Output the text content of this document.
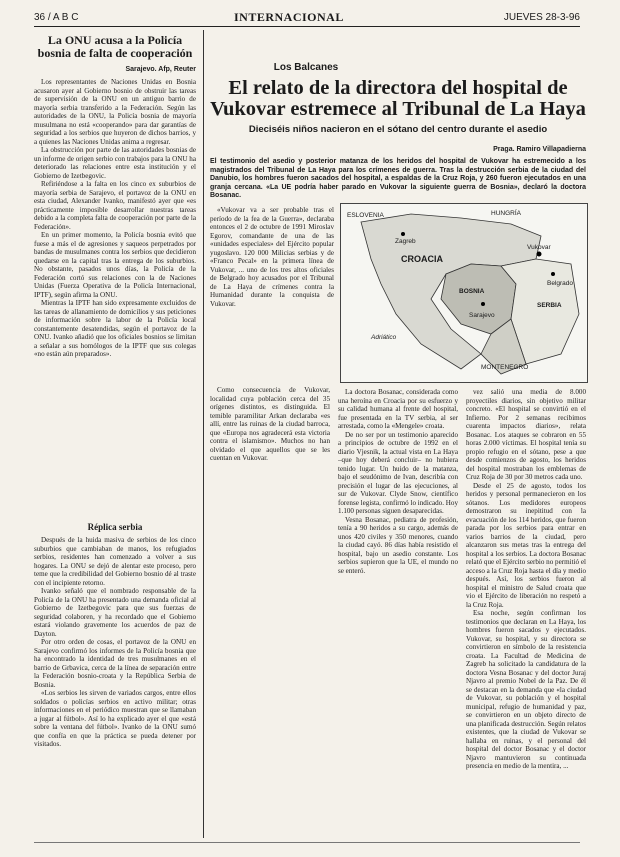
36 / A B C	INTERNACIONAL	JUEVES 28-3-96
La ONU acusa a la Policía bosnia de falta de cooperación
Sarajevo. Afp, Reuter

Los representantes de Naciones Unidas en Bosnia acusaron ayer al Gobierno bosnio de obstruir las tareas de supervisión de la ONU en un antiguo barrio de mayoría serbia transferido a la Federación. Según las autoridades de la ONU, la Policía bosnia de mayoría musulmana no está «cooperando» para dar garantías de seguridad a los serbios que huyeron de dichos barrios, y a quienes las Naciones Unidas anima a regresar.

La obstrucción por parte de las autoridades bosnias de un informe de origen serbio con trabajos para la ONU ha deteriorado las relaciones entre esta institución y el Gobierno de Izetbegovic.

Refiriéndose a la falta en los cinco ex suburbios de mayoría serbia de Sarajevo, el portavoz de la ONU en esta ciudad, Alexander Ivanko, manifestó ayer que «es prácticamente imposible desarrollar nuestras tareas debido a la completa falta de cooperación por parte de la Federación».

En un primer momento, la Policía bosnia evitó que fuese a más el de agresiones y saqueos perpetrados por bandas de musulmanes contra los serbios que decidieron quedarse en la capital tras la entrega de los suburbios. No obstante, pasados unos días, la Policía de la Federación cortó sus relaciones con la de Naciones Unidas (Fuerza Operativa de la Policía Internacional, IPTF), según afirma la ONU.

Mientras la IPTF han sido expresamente excluidos de las tareas de allanamiento de domicilios y sus peticiones de información sobre la labor de la Policía local constantemente desatendidas, según el portavoz de la ONU. Ivanko añadió que los oficiales bosnios se limitan a señalar a sus homólogos de la IPTF que sus colegas «no están aún preparados».

Réplica serbia

Después de la huida masiva de serbios de los cinco suburbios que cambiaban de manos, los refugiados serbios, residentes han comenzado a volver a sus hogares. La ONU se dejó de alentar este proceso, pero teme que la credibilidad del Gobierno bosnio dé al traste con el incipiente retorno.

Ivanko señaló que el nombrado responsable de la Policía de la ONU ha presentado una demanda oficial al Gobierno de Izetbegovic para que sus fuerzas de seguridad colaboren, y ha recordado que el Gobierno estará violando gravemente los acuerdos de paz de Dayton.

Por otro orden de cosas, el portavoz de la ONU en Sarajevo confirmó los informes de la Policía bosnia que ha encontrado la identidad de tres musulmanes en el barrio de Grbavica, cerca de la línea de separación entre la Federación bosnio-croata y la República Serbia de Bosnia.

«Los serbios les sirven de variados cargos, entre ellos soldados o policías serbios en activo militar; otras informaciones en el periódico muestran que se llamaban a jugar al fútbol». Así lo ha explicado ayer el que «está sobre la ventana del fútbol». Ivanko de la ONU sumó que confía en que la práctica se pueda detener por visitados.

Los Balcanes
El relato de la directora del hospital de Vukovar estremece al Tribunal de La Haya
Dieciséis niños nacieron en el sótano del centro durante el asedio
Praga. Ramiro Villapadierna
El testimonio del asedio y posterior matanza de los heridos del hospital de Vukovar ha estremecido a los magistrados del Tribunal de La Haya para los crímenes de guerra. Tras la destrucción serbia de la ciudad del Danubio, los hombres fueron sacados del hospital, a espaldas de la Cruz Roja, y 260 fueron ejecutados en una granja cercana. «La UE podría haber parado en Vukovar la siguiente guerra de Bosnia», declaró la doctora Bosanac.

«Vukovar va a ser probable tras el período de la fea de la Guerra», declaraba entonces el 2 de octubre de 1991 Miroslav Egorov, comandante de una de las «unidades especiales» del Ejército popular yugoslavo. 120 000 Milicias serbias y de «Franco Pecal» en la primera línea de Vukovar, ... uno de los tres altos oficiales de Belgrado hoy acusados por el Tribunal de La Haya de crímenes contra la Humanidad durante la conquista de Vukovar.

ESLOVENIA
Zagreb
CROACIA
BOSNIA
Vukovar
SERBIA
MONTENEGRO
Adriático
Sarajevo
Belgrado
HUNGRÍA

Como consecuencia de Vukovar, localidad cuya población cerca del 35 orígenes distintos, es distinguida. El temible paramilitar Arkan declaraba «es allí, entre las ruinas de la ciudad barroca, que «Europa nos agradecerá esta victoria contra el islamismo». Muchos no han olvidado el que aquellos que se les cuentan en Vukovar.

La doctora Bosanac, considerada como una heroína en Croacia por su esfuerzo y su calidad humana al frente del hospital, fue presentada en la TV serbia, al ser arrestada, como la «Mengele» croata.

De no ser por un testimonio aparecido a principios de octubre de 1992 en el diario Vjesnik, la actual vista en La Haya –que hoy deberá concluir– no hubiera tenido lugar. Un huido de la matanza, bajo el seudónimo de Ivan, describía con precisión el lugar de las ejecuciones, al sur de Vukovar. Clyde Snow, científico forense legista, confirmó lo indicado. Hoy 1.100 personas siguen desaparecidas.

Vesna Bosanac, pediatra de profesión, tenía a 90 heridos a su cargo, además de unos 420 civiles y 350 menores, cuando la ciudad cayó. 86 días había resistido el hospital, bajo un asedio constante. Los serbios supieron que la UE, el mundo no se enteró.

vez salió una media de 8.000 proyectiles diarios, sin objetivo militar concreto. «El hospital se convirtió en el Infierno. Por 2 semanas recibimos cuarenta impactos diarios», relata Bosanac. Los ataques se cobraron en 55 horas 2.000 víctimas. El hospital tenía su propio refugio en el sótano, pese a que desde comienzos de agosto, los heridos del hospital mostraban los emblemas de Cruz Roja de 30 por 30 metros cada uno.

Desde el 25 de agosto, todos los heridos y personal permanecieron en los sótanos. Los medidores europeos demostraron su inepititud con la evacuación de los 114 heridos, que fueron parada por los serbios para entrar en varios barrios de la ciudad, pero alcanzaron sus metas tras la entrega del hospital a los serbios. La doctora Bosanac relató que el Ejército serbio no permitió el acceso a la Cruz Roja hasta el día y medio después. Así, los serbios fueron al hospital el ministro de Salud croata que vio el Ejército de liberación no respetó a la Cruz Roja.

Esa noche, según confirman los testimonios que declaran en La Haya, los hombres fueron sacados y ejecutados. Vukovar, su hospital, y su directora se convirtieron en símbolo de la resistencia croata. La Facultad de Medicina de Zagreb ha solicitado la candidatura de la doctora Vesna Bosanac y del doctor Juraj Njavro al premio Nobel de la Paz. De él se destacan en la demanda que «la ciudad de Vukovar, su población y el hospital municipal, refugio de humanidad y paz, se convirtieron en un objeto directo de una planificada destrucción. Según relatos existentes, que la ciudad de Vukovar se hallaba en ruinas, y el personal del hospital del doctor Bosanac y el doctor Njavro mantuvieron su continuada presencia en medio de la mentira, ...
